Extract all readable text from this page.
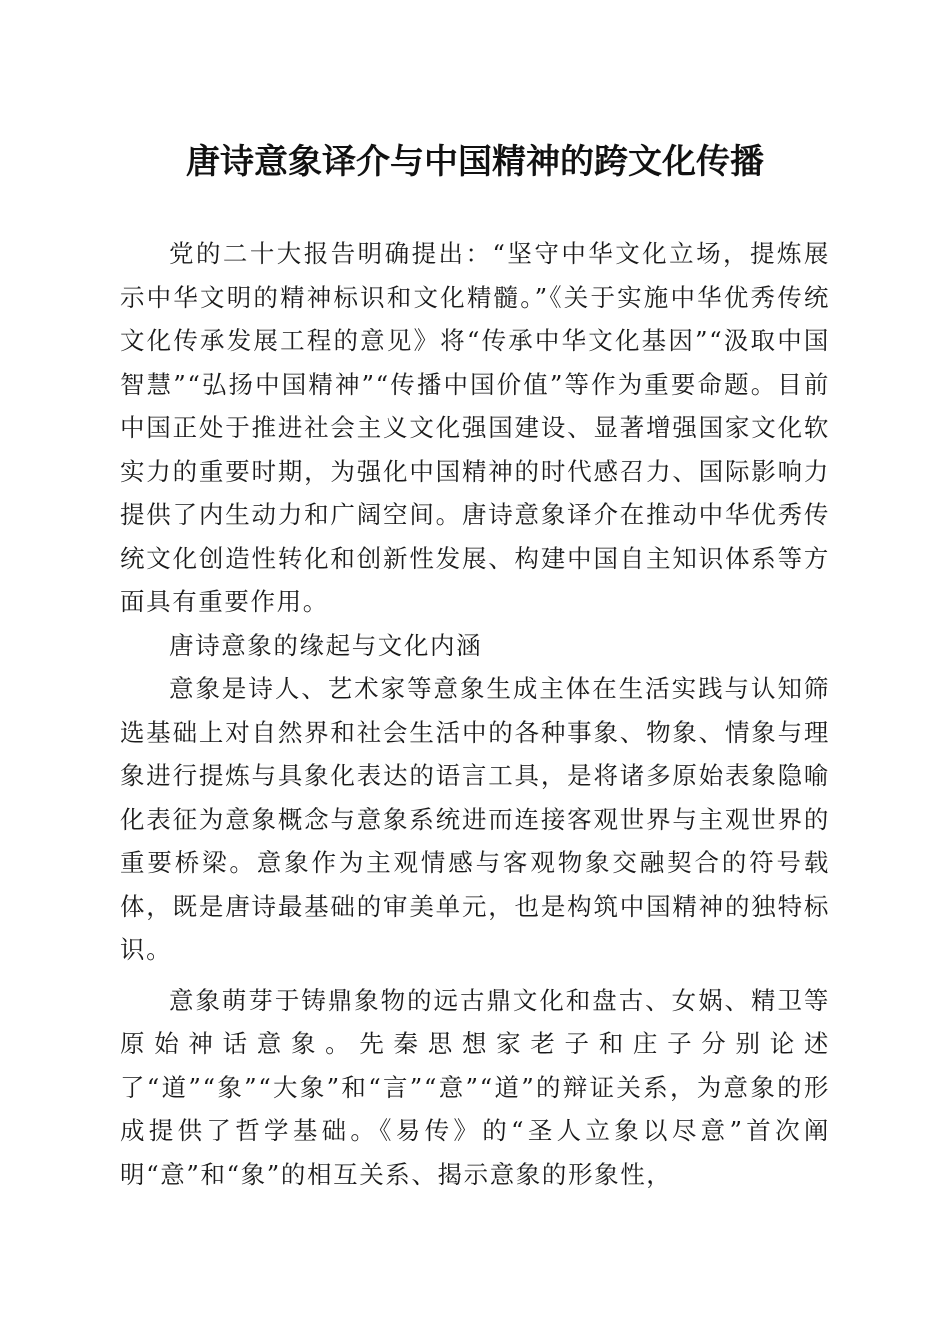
唐诗意象译介与中国精神的跨文化传播

党的二十大报告明确提出：“坚守中华文化立场，提炼展示中华文明的精神标识和文化精髓。”《关于实施中华优秀传统文化传承发展工程的意见》将“传承中华文化基因”“汲取中国智慧”“弘扬中国精神”“传播中国价值”等作为重要命题。目前中国正处于推进社会主义文化强国建设、显著增强国家文化软实力的重要时期，为强化中国精神的时代感召力、国际影响力提供了内生动力和广阔空间。唐诗意象译介在推动中华优秀传统文化创造性转化和创新性发展、构建中国自主知识体系等方面具有重要作用。

唐诗意象的缘起与文化内涵

意象是诗人、艺术家等意象生成主体在生活实践与认知筛选基础上对自然界和社会生活中的各种事象、物象、情象与理象进行提炼与具象化表达的语言工具，是将诸多原始表象隐喻化表征为意象概念与意象系统进而连接客观世界与主观世界的重要桥梁。意象作为主观情感与客观物象交融契合的符号载体，既是唐诗最基础的审美单元，也是构筑中国精神的独特标识。

意象萌芽于铸鼎象物的远古鼎文化和盘古、女娲、精卫等原始神话意象。先秦思想家老子和庄子分别论述了“道”“象”“大象”和“言”“意”“道”的辩证关系，为意象的形成提供了哲学基础。《易传》的“圣人立象以尽意”首次阐明“意”和“象”的相互关系、揭示意象的形象性，
